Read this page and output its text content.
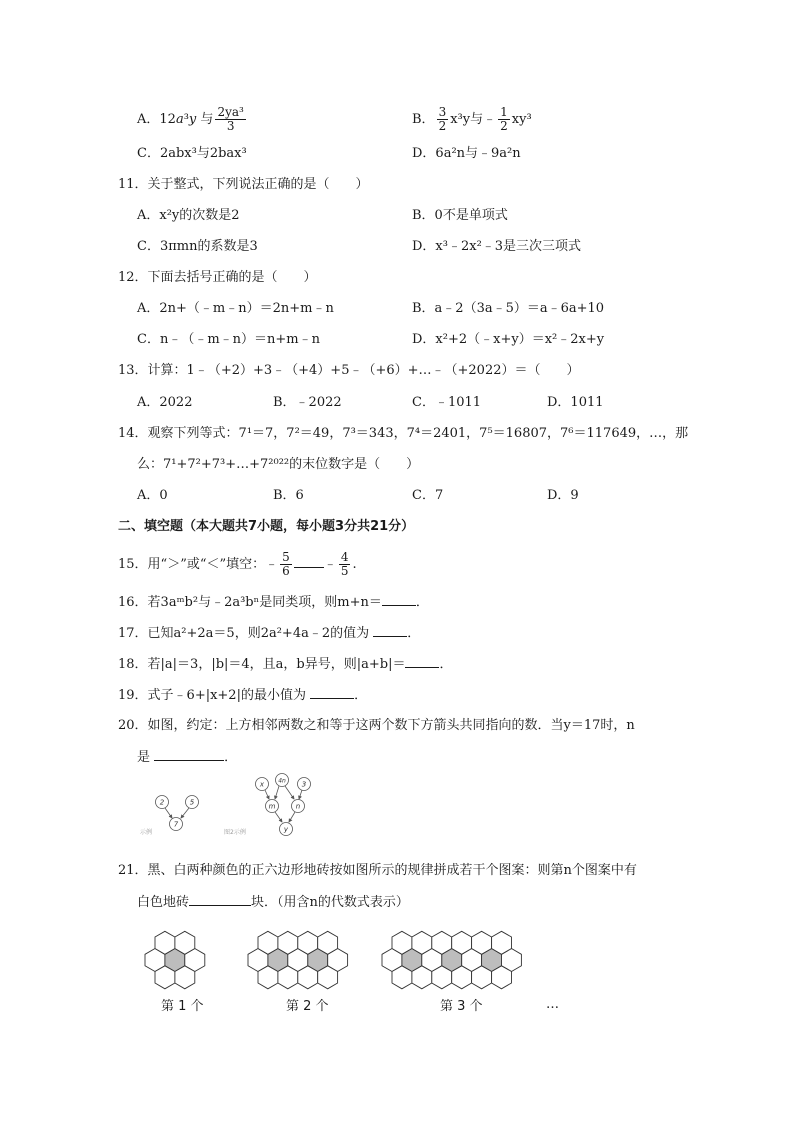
A．12a³y 与 $\frac{\text{2ya³}}{3}$	B． $\frac{3}{2} x^3y$与﹣ $\frac{1}{2} xy^3$
C．2abx³与2bax³	D．6a²n与﹣9a²n
11．关于整式，下列说法正确的是（　　）
A．x²y的次数是2	B．0不是单项式
C．3πmn的系数是3	D．x³﹣2x²﹣3是三次三项式
12．下面去括号正确的是（　　）
A．2n+（﹣m﹣n）＝2n+m﹣n	B．a﹣2（3a﹣5）＝a﹣6a+10
C．n﹣（﹣m﹣n）＝n+m﹣n	D．x²+2（﹣x+y）＝x²﹣2x+y
13．计算：1﹣（+2）+3﹣（+4）+5﹣（+6）+…﹣（+2022）＝（　　）
A．2022	B．﹣2022	C．﹣1011	D．1011
14．观察下列等式：7¹＝7，7²＝49，7³＝343，7⁴＝2401，7⁵＝16807，7⁶＝117649，…，那
么：7¹+7²+7³+…+7²⁰²²的末位数字是（　　）
A．0	B．6	C．7	D．9
二、填空题（本大题共7小题，每小题3分共21分）
15．用“＞”或“＜”填空：﹣ $\frac{5}{6}$ ﹣ $\frac{4}{5}$ .
16．若3aᵐb²与﹣2a³bⁿ是同类项，则m+n＝	．
17．已知a²+2a＝5，则2a²+4a﹣2的值为	．
18．若|a|＝3，|b|＝4，且a，b异号，则|a+b|＝	．
19．式子﹣6+|x+2|的最小值为	．
20．如图，约定：上方相邻两数之和等于这两个数下方箭头共同指向的数．当y＝17时，n
是	．
2	5
7
x 4n 3
m	n
y
示例	图2示例
21．黑、白两种颜色的正六边形地砖按如图所示的规律拼成若干个图案：则第n个图案中有
白色地砖	块．（用含n的代数式表示）
第 1 个	第 2 个	第 3 个	…
